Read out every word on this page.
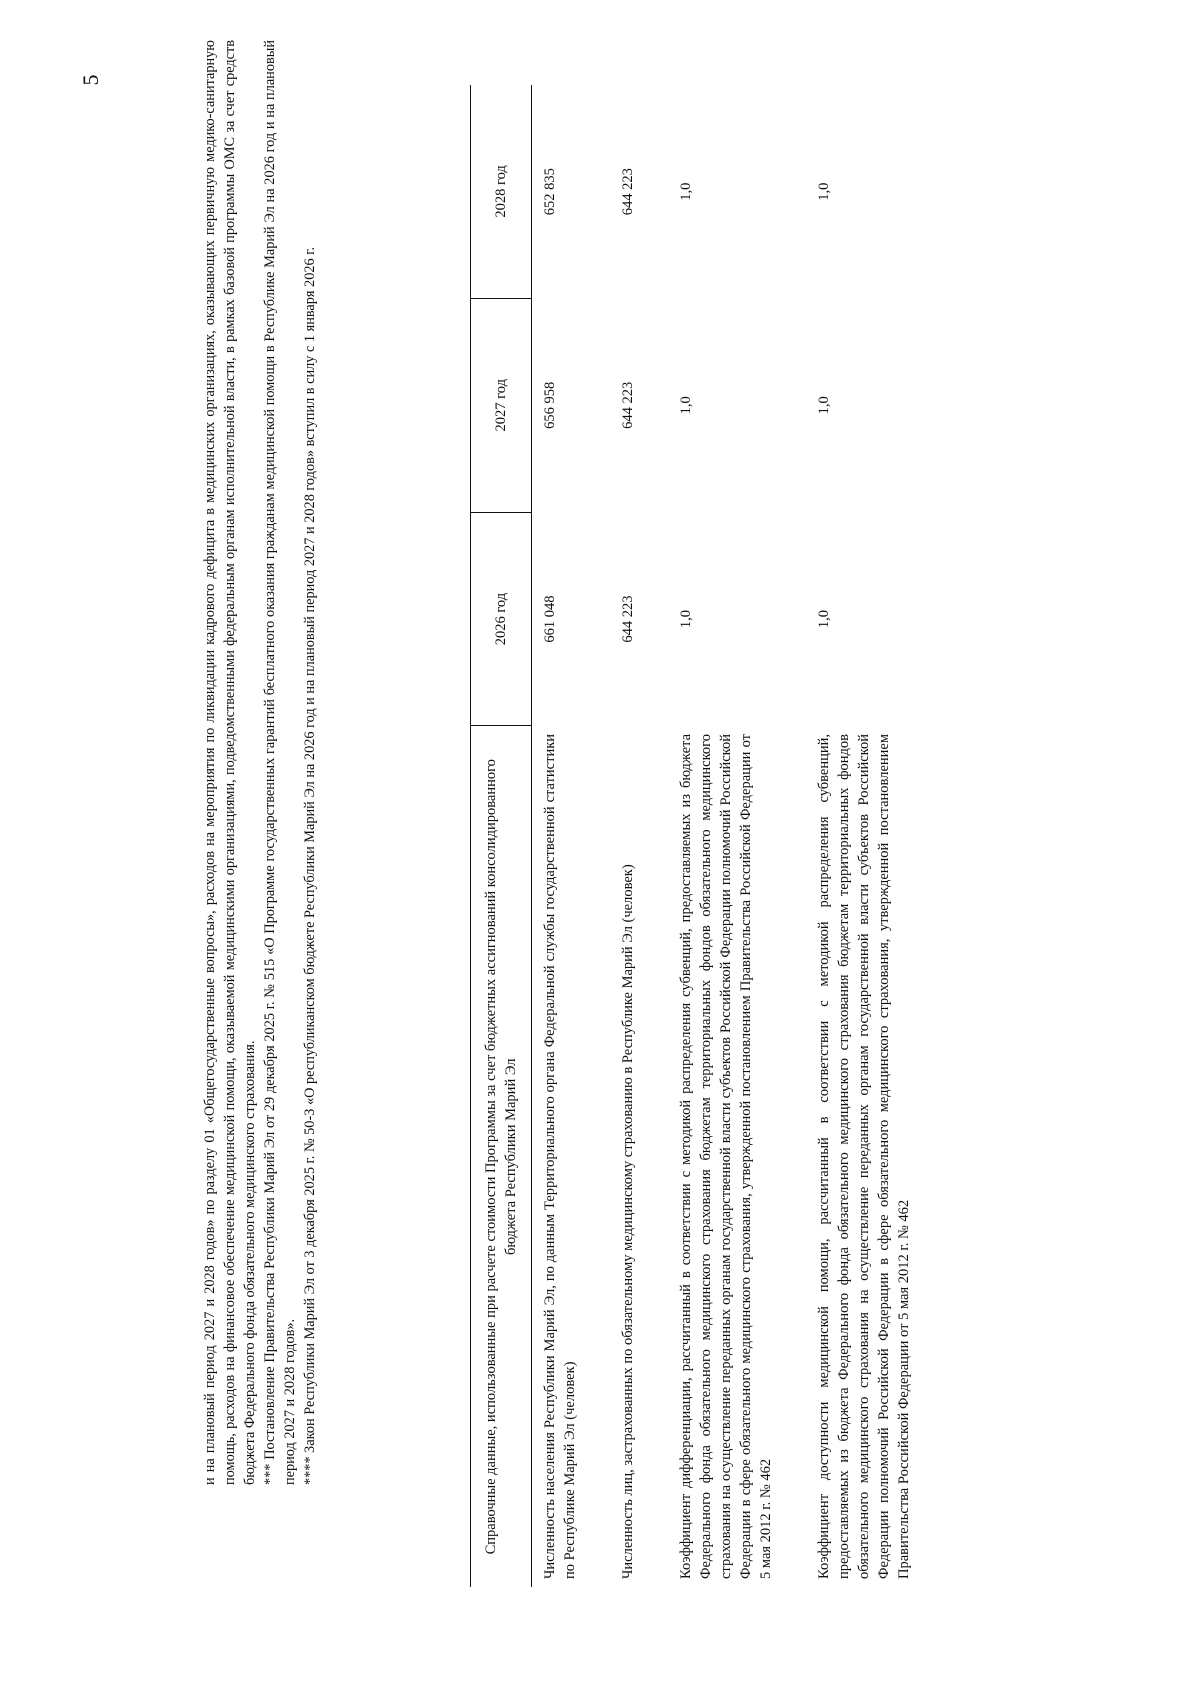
5	и на плановый период 2027 и 2028 годов» по разделу 01 «Общегосударственные вопросы», расходов на мероприятия по ликвидации кадрового дефицита в медицинских организациях, оказывающих первичную медико-санитарную помощь, расходов на финансовое обеспечение медицинской помощи, оказываемой медицинскими организациями, подведомственными федеральным органам исполнительной власти, в рамках базовой программы ОМС за счет средств бюджета Федерального фонда обязательного медицинского страхования. *** Постановление Правительства Республики Марий Эл от 29 декабря 2025 г. № 515 «О Программе государственных гарантий бесплатного оказания гражданам медицинской помощи в Республике Марий Эл на 2026 год и на плановый период 2027 и 2028 годов». **** Закон Республики Марий Эл от 3 декабря 2025 г. № 50-З «О республиканском бюджете Республики Марий Эл на 2026 год и на плановый период 2027 и 2028 годов» вступил в силу с 1 января 2026 г.	Справочные данные, использованные при расчете стоимости Программы за счет бюджетных ассигнований консолидированного бюджета Республики Марий Эл	2026 год	2027 год	2028 год
Численность населения Республики Марий Эл, по данным Территориального органа Федеральной службы государственной статистики по Республике Марий Эл (человек)	661 048	656 958	652 835
Численность лиц, застрахованных по обязательному медицинскому страхованию в Республике Марий Эл (человек)	644 223	644 223	644 223
Коэффициент дифференциации, рассчитанный в соответствии с методикой распределения субвенций, предоставляемых из бюджета Федерального фонда обязательного медицинского страхования бюджетам территориальных фондов обязательного медицинского страхования на осуществление переданных органам государственной власти субъектов Российской Федерации полномочий Российской Федерации в сфере обязательного медицинского страхования, утвержденной постановлением Правительства Российской Федерации от 5 мая 2012 г. № 462	1,0	1,0	1,0
Коэффициент доступности медицинской помощи, рассчитанный в соответствии с методикой распределения субвенций, предоставляемых из бюджета Федерального фонда обязательного медицинского страхования бюджетам территориальных фондов обязательного медицинского страхования на осуществление переданных органам государственной власти субъектов Российской Федерации полномочий Российской Федерации в сфере обязательного медицинского страхования, утвержденной постановлением Правительства Российской Федерации от 5 мая 2012 г. № 462	1,0	1,0	1,0
